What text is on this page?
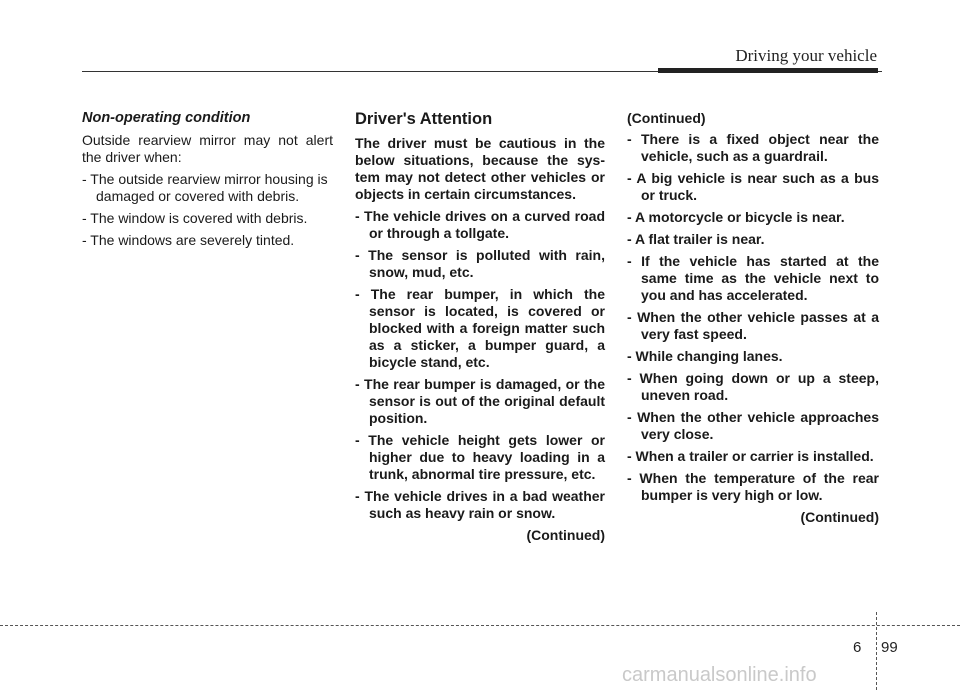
Driving your vehicle
Non-operating condition

Outside rearview mirror may not alert the driver when:

- The outside rearview mirror housing is damaged or covered with debris.
- The window is covered with debris.
- The windows are severely tinted.
Driver's Attention

The driver must be cautious in the below situations, because the sys-tem may not detect other vehicles or objects in certain circumstances.

- The vehicle drives on a curved road or through a tollgate.
- The sensor is polluted with rain, snow, mud, etc.
- The rear bumper, in which the sensor is located, is covered or blocked with a foreign matter such as a sticker, a bumper guard, a bicycle stand, etc.
- The rear bumper is damaged, or the sensor is out of the original default position.
- The vehicle height gets lower or higher due to heavy loading in a trunk, abnormal tire pressure, etc.
- The vehicle drives in a bad weather such as heavy rain or snow.
(Continued)
(Continued)
- There is a fixed object near the vehicle, such as a guardrail.
- A big vehicle is near such as a bus or truck.
- A motorcycle or bicycle is near.
- A flat trailer is near.
- If the vehicle has started at the same time as the vehicle next to you and has accelerated.
- When the other vehicle passes at a very fast speed.
- While changing lanes.
- When going down or up a steep, uneven road.
- When the other vehicle approaches very close.
- When a trailer or carrier is installed.
- When the temperature of the rear bumper is very high or low.
(Continued)
6 99
carmanualsonline.info
